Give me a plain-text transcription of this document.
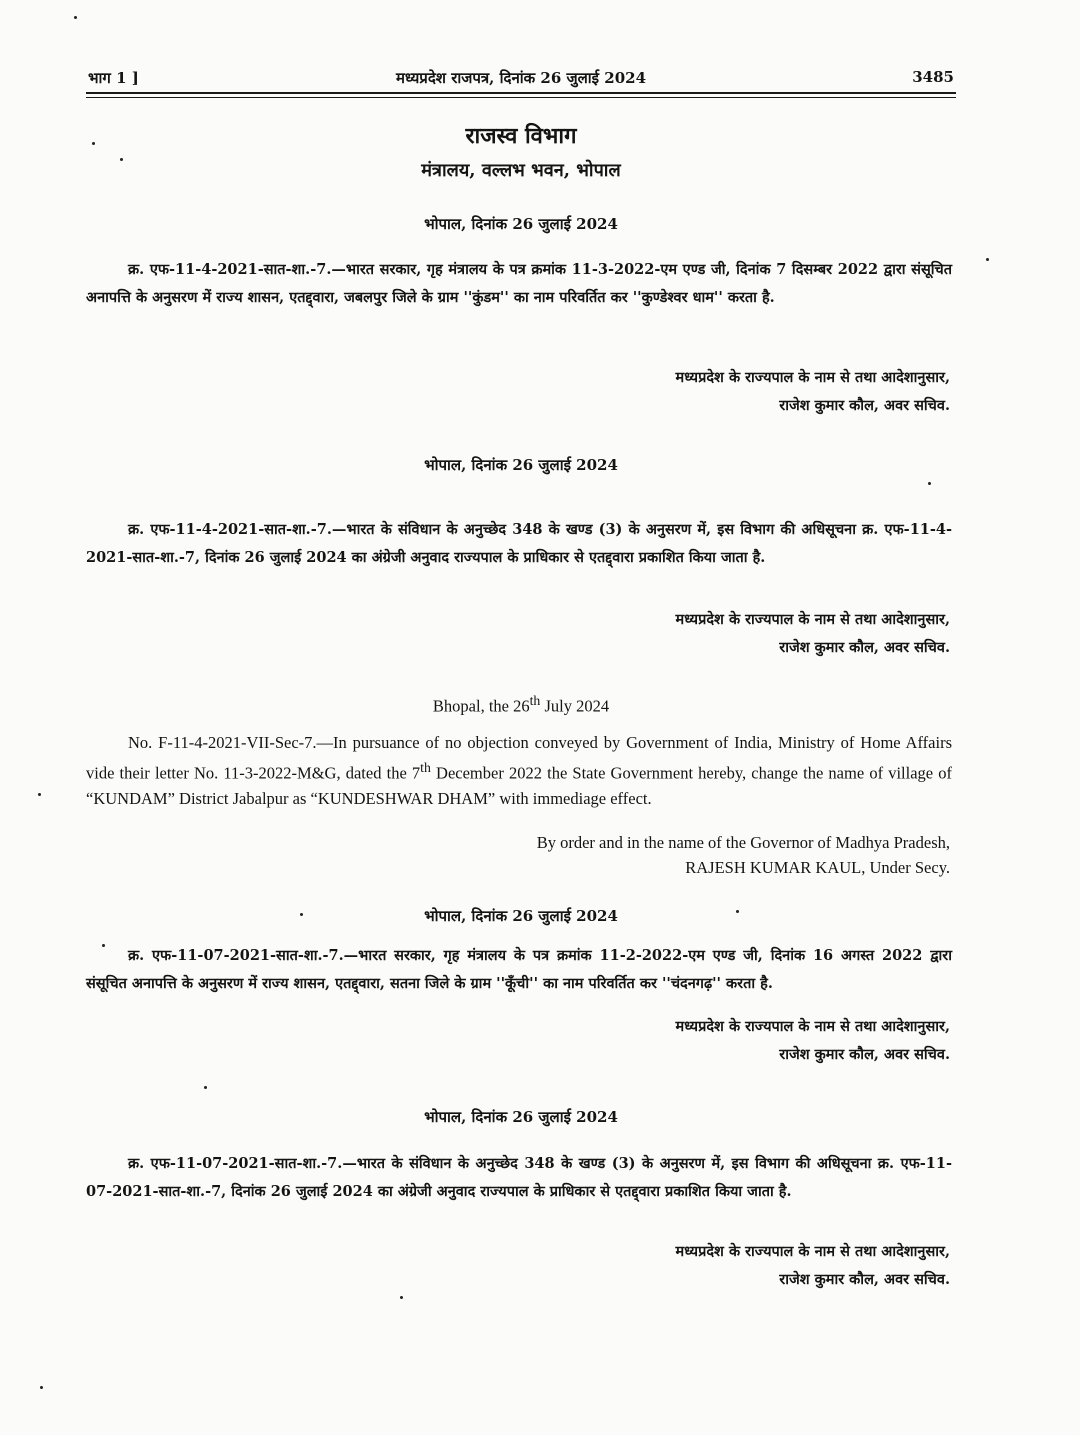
भाग 1 ]	मध्यप्रदेश राजपत्र, दिनांक 26 जुलाई 2024	3485
राजस्व विभाग
मंत्रालय, वल्लभ भवन, भोपाल
भोपाल, दिनांक 26 जुलाई 2024
क्र. एफ-11-4-2021-सात-शा.-7.—भारत सरकार, गृह मंत्रालय के पत्र क्रमांक 11-3-2022-एम एण्ड जी, दिनांक 7 दिसम्बर 2022 द्वारा संसूचित अनापत्ति के अनुसरण में राज्य शासन, एतद्द्वारा, जबलपुर जिले के ग्राम ''कुंडम'' का नाम परिवर्तित कर ''कुण्डेश्वर धाम'' करता है.
मध्यप्रदेश के राज्यपाल के नाम से तथा आदेशानुसार,
राजेश कुमार कौल, अवर सचिव.
भोपाल, दिनांक 26 जुलाई 2024
क्र. एफ-11-4-2021-सात-शा.-7.—भारत के संविधान के अनुच्छेद 348 के खण्ड (3) के अनुसरण में, इस विभाग की अधिसूचना क्र. एफ-11-4-2021-सात-शा.-7, दिनांक 26 जुलाई 2024 का अंग्रेजी अनुवाद राज्यपाल के प्राधिकार से एतद्द्वारा प्रकाशित किया जाता है.
मध्यप्रदेश के राज्यपाल के नाम से तथा आदेशानुसार,
राजेश कुमार कौल, अवर सचिव.
Bhopal, the 26th July 2024
No. F-11-4-2021-VII-Sec-7.—In pursuance of no objection conveyed by Government of India, Ministry of Home Affairs vide their letter No. 11-3-2022-M&G, dated the 7th December 2022 the State Government hereby, change the name of village of “KUNDAM” District Jabalpur as “KUNDESHWAR DHAM” with immediage effect.
By order and in the name of the Governor of Madhya Pradesh,
RAJESH KUMAR KAUL, Under Secy.
भोपाल, दिनांक 26 जुलाई 2024
क्र. एफ-11-07-2021-सात-शा.-7.—भारत सरकार, गृह मंत्रालय के पत्र क्रमांक 11-2-2022-एम एण्ड जी, दिनांक 16 अगस्त 2022 द्वारा संसूचित अनापत्ति के अनुसरण में राज्य शासन, एतद्द्वारा, सतना जिले के ग्राम ''कूँची'' का नाम परिवर्तित कर ''चंदनगढ़'' करता है.
मध्यप्रदेश के राज्यपाल के नाम से तथा आदेशानुसार,
राजेश कुमार कौल, अवर सचिव.
भोपाल, दिनांक 26 जुलाई 2024
क्र. एफ-11-07-2021-सात-शा.-7.—भारत के संविधान के अनुच्छेद 348 के खण्ड (3) के अनुसरण में, इस विभाग की अधिसूचना क्र. एफ-11-07-2021-सात-शा.-7, दिनांक 26 जुलाई 2024 का अंग्रेजी अनुवाद राज्यपाल के प्राधिकार से एतद्द्वारा प्रकाशित किया जाता है.
मध्यप्रदेश के राज्यपाल के नाम से तथा आदेशानुसार,
राजेश कुमार कौल, अवर सचिव.
